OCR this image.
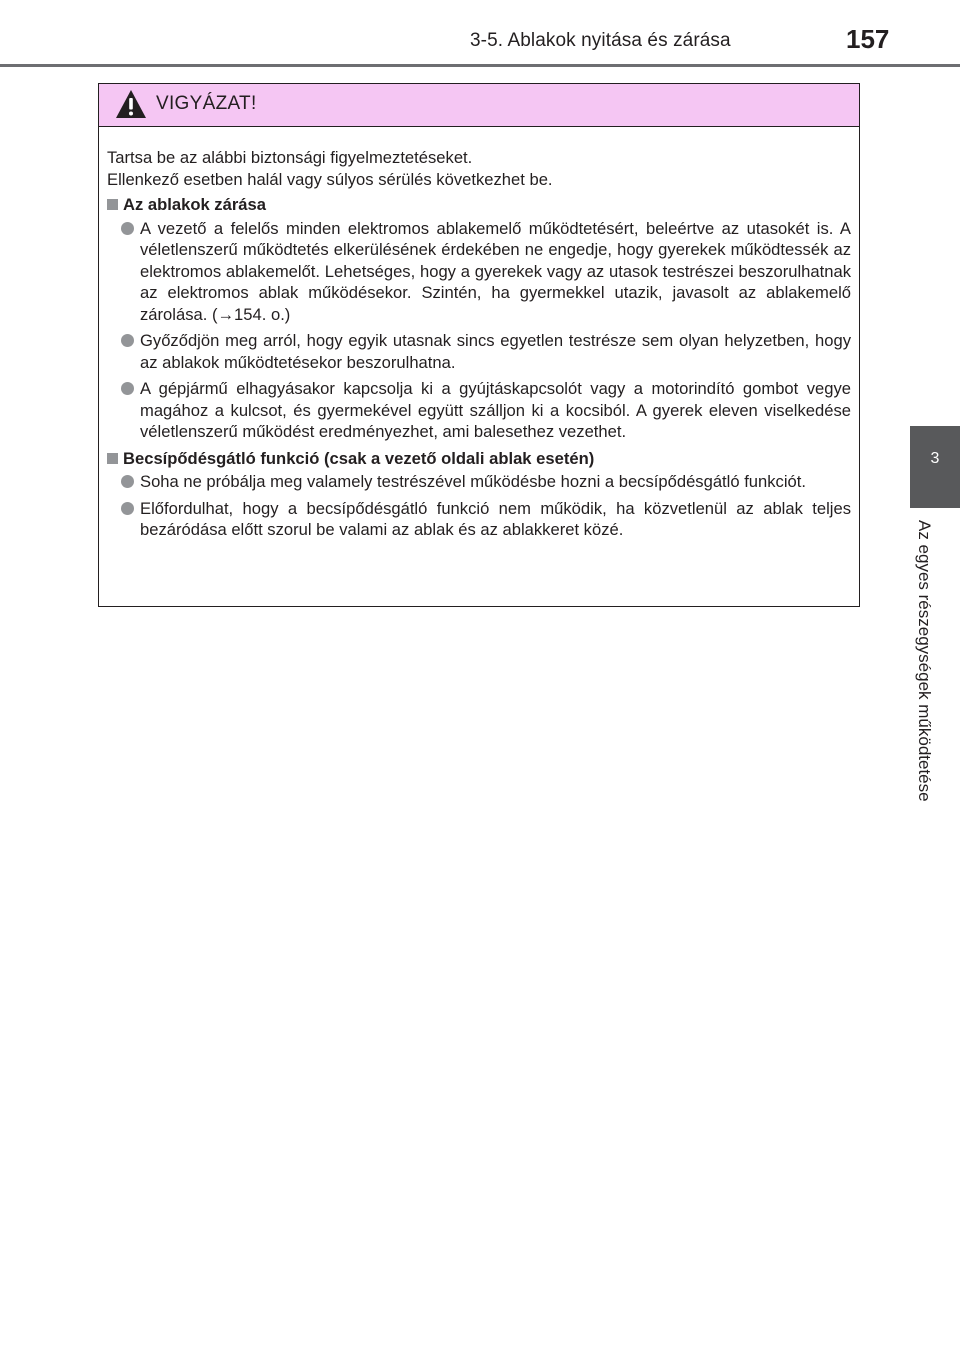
3-5. Ablakok nyitása és zárása	157
3
Az egyes részegységek működtetése
VIGYÁZAT!
Tartsa be az alábbi biztonsági figyelmeztetéseket.
Ellenkező esetben halál vagy súlyos sérülés következhet be.
Az ablakok zárása
A vezető a felelős minden elektromos ablakemelő működtetésért, beleértve az utasokét is. A véletlenszerű működtetés elkerülésének érdekében ne engedje, hogy gyerekek működtessék az elektromos ablakemelőt. Lehetséges, hogy a gyerekek vagy az utasok testrészei beszorulhatnak az elektromos ablak működésekor. Szintén, ha gyermekkel utazik, javasolt az ablakemelő zárolása. (→154. o.)
Győződjön meg arról, hogy egyik utasnak sincs egyetlen testrésze sem olyan helyzetben, hogy az ablakok működtetésekor beszorulhatna.
A gépjármű elhagyásakor kapcsolja ki a gyújtáskapcsolót vagy a motorindító gombot vegye magához a kulcsot, és gyermekével együtt szálljon ki a kocsiból. A gyerek eleven viselkedése véletlenszerű működést eredményezhet, ami balesethez vezethet.
Becsípődésgátló funkció (csak a vezető oldali ablak esetén)
Soha ne próbálja meg valamely testrészével működésbe hozni a becsípődésgátló funkciót.
Előfordulhat, hogy a becsípődésgátló funkció nem működik, ha közvetlenül az ablak teljes bezáródása előtt szorul be valami az ablak és az ablakkeret közé.
